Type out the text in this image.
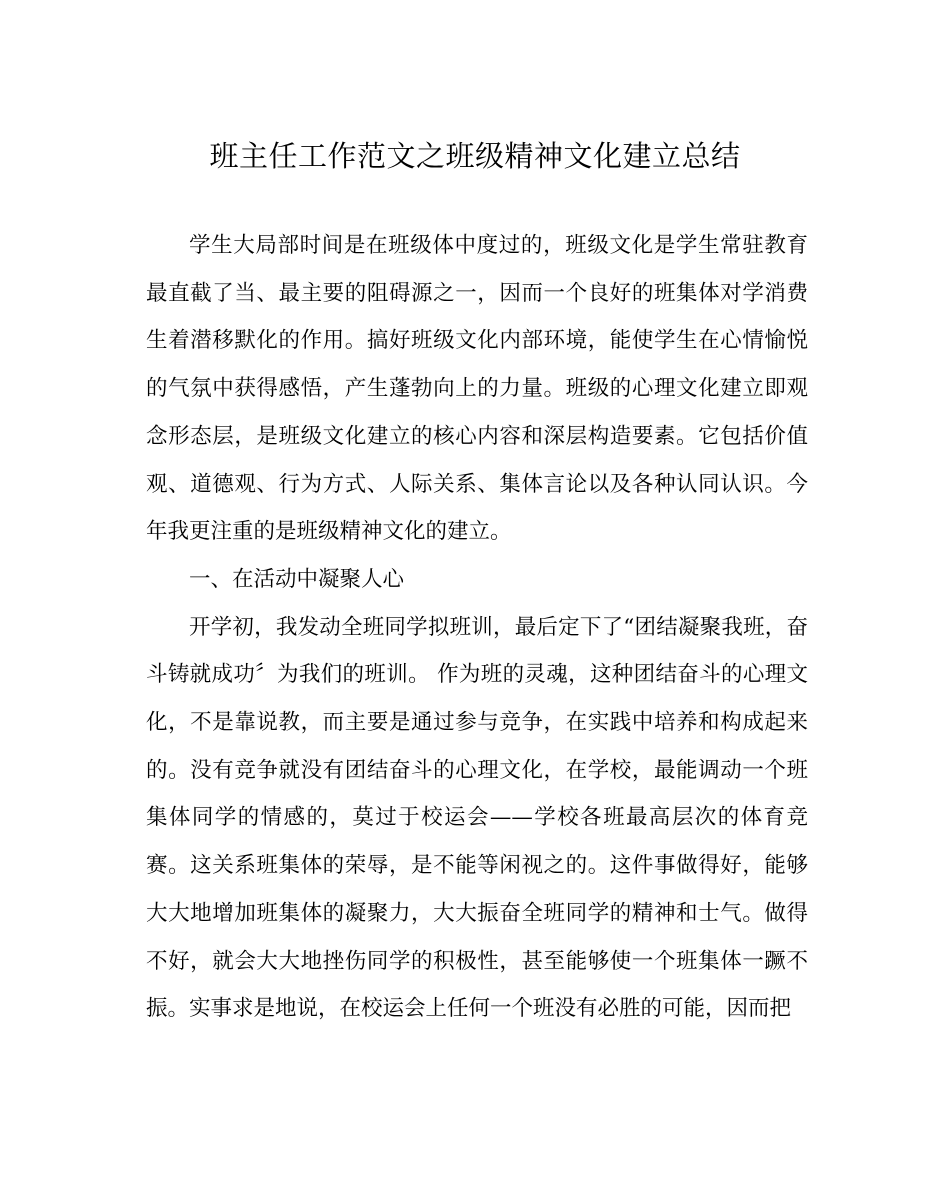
班主任工作范文之班级精神文化建立总结

学生大局部时间是在班级体中度过的，班级文化是学生常驻教育最直截了当、最主要的阻碍源之一，因而一个良好的班集体对学消费生着潜移默化的作用。搞好班级文化内部环境，能使学生在心情愉悦的气氛中获得感悟，产生蓬勃向上的力量。班级的心理文化建立即观念形态层，是班级文化建立的核心内容和深层构造要素。它包括价值观、道德观、行为方式、人际关系、集体言论以及各种认同认识。今年我更注重的是班级精神文化的建立。

一、在活动中凝聚人心

开学初，我发动全班同学拟班训，最后定下了“团结凝聚我班，奋斗铸就成功〞为我们的班训。 作为班的灵魂，这种团结奋斗的心理文化，不是靠说教，而主要是通过参与竞争，在实践中培养和构成起来的。没有竞争就没有团结奋斗的心理文化，在学校，最能调动一个班集体同学的情感的，莫过于校运会——学校各班最高层次的体育竞赛。这关系班集体的荣辱，是不能等闲视之的。这件事做得好，能够大大地增加班集体的凝聚力，大大振奋全班同学的精神和士气。做得不好，就会大大地挫伤同学的积极性，甚至能够使一个班集体一蹶不振。实事求是地说，在校运会上任何一个班没有必胜的可能，因而把
